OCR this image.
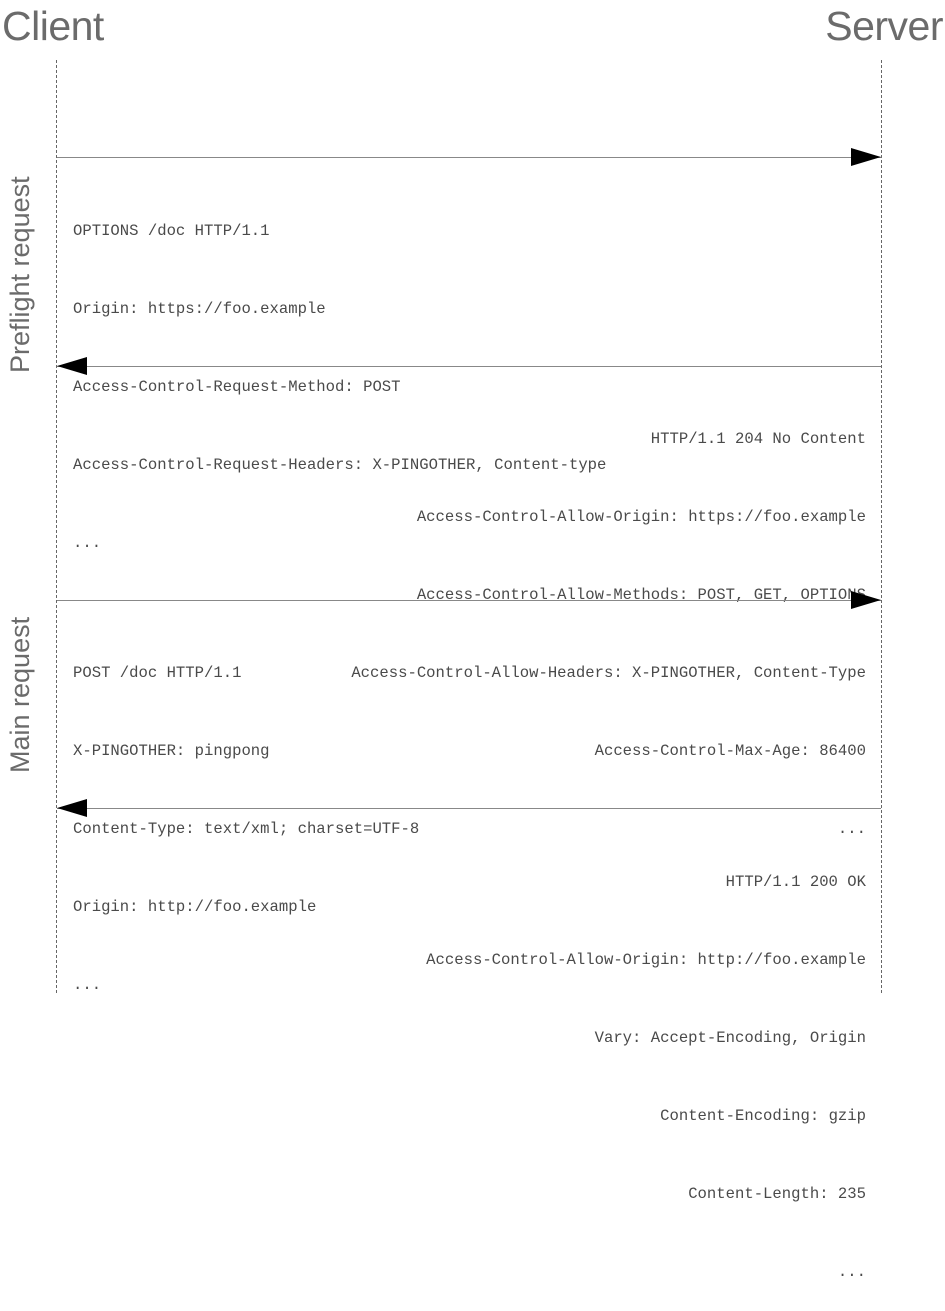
Client	Server
Preflight request
Main request

OPTIONS /doc HTTP/1.1

Origin: https://foo.example

Access-Control-Request-Method: POST

Access-Control-Request-Headers: X-PINGOTHER, Content-type

...

HTTP/1.1 204 No Content

Access-Control-Allow-Origin: https://foo.example

Access-Control-Allow-Methods: POST, GET, OPTIONS

Access-Control-Allow-Headers: X-PINGOTHER, Content-Type

Access-Control-Max-Age: 86400

...

POST /doc HTTP/1.1

X-PINGOTHER: pingpong

Content-Type: text/xml; charset=UTF-8

Origin: http://foo.example

...

HTTP/1.1 200 OK

Access-Control-Allow-Origin: http://foo.example

Vary: Accept-Encoding, Origin

Content-Encoding: gzip

Content-Length: 235

...
